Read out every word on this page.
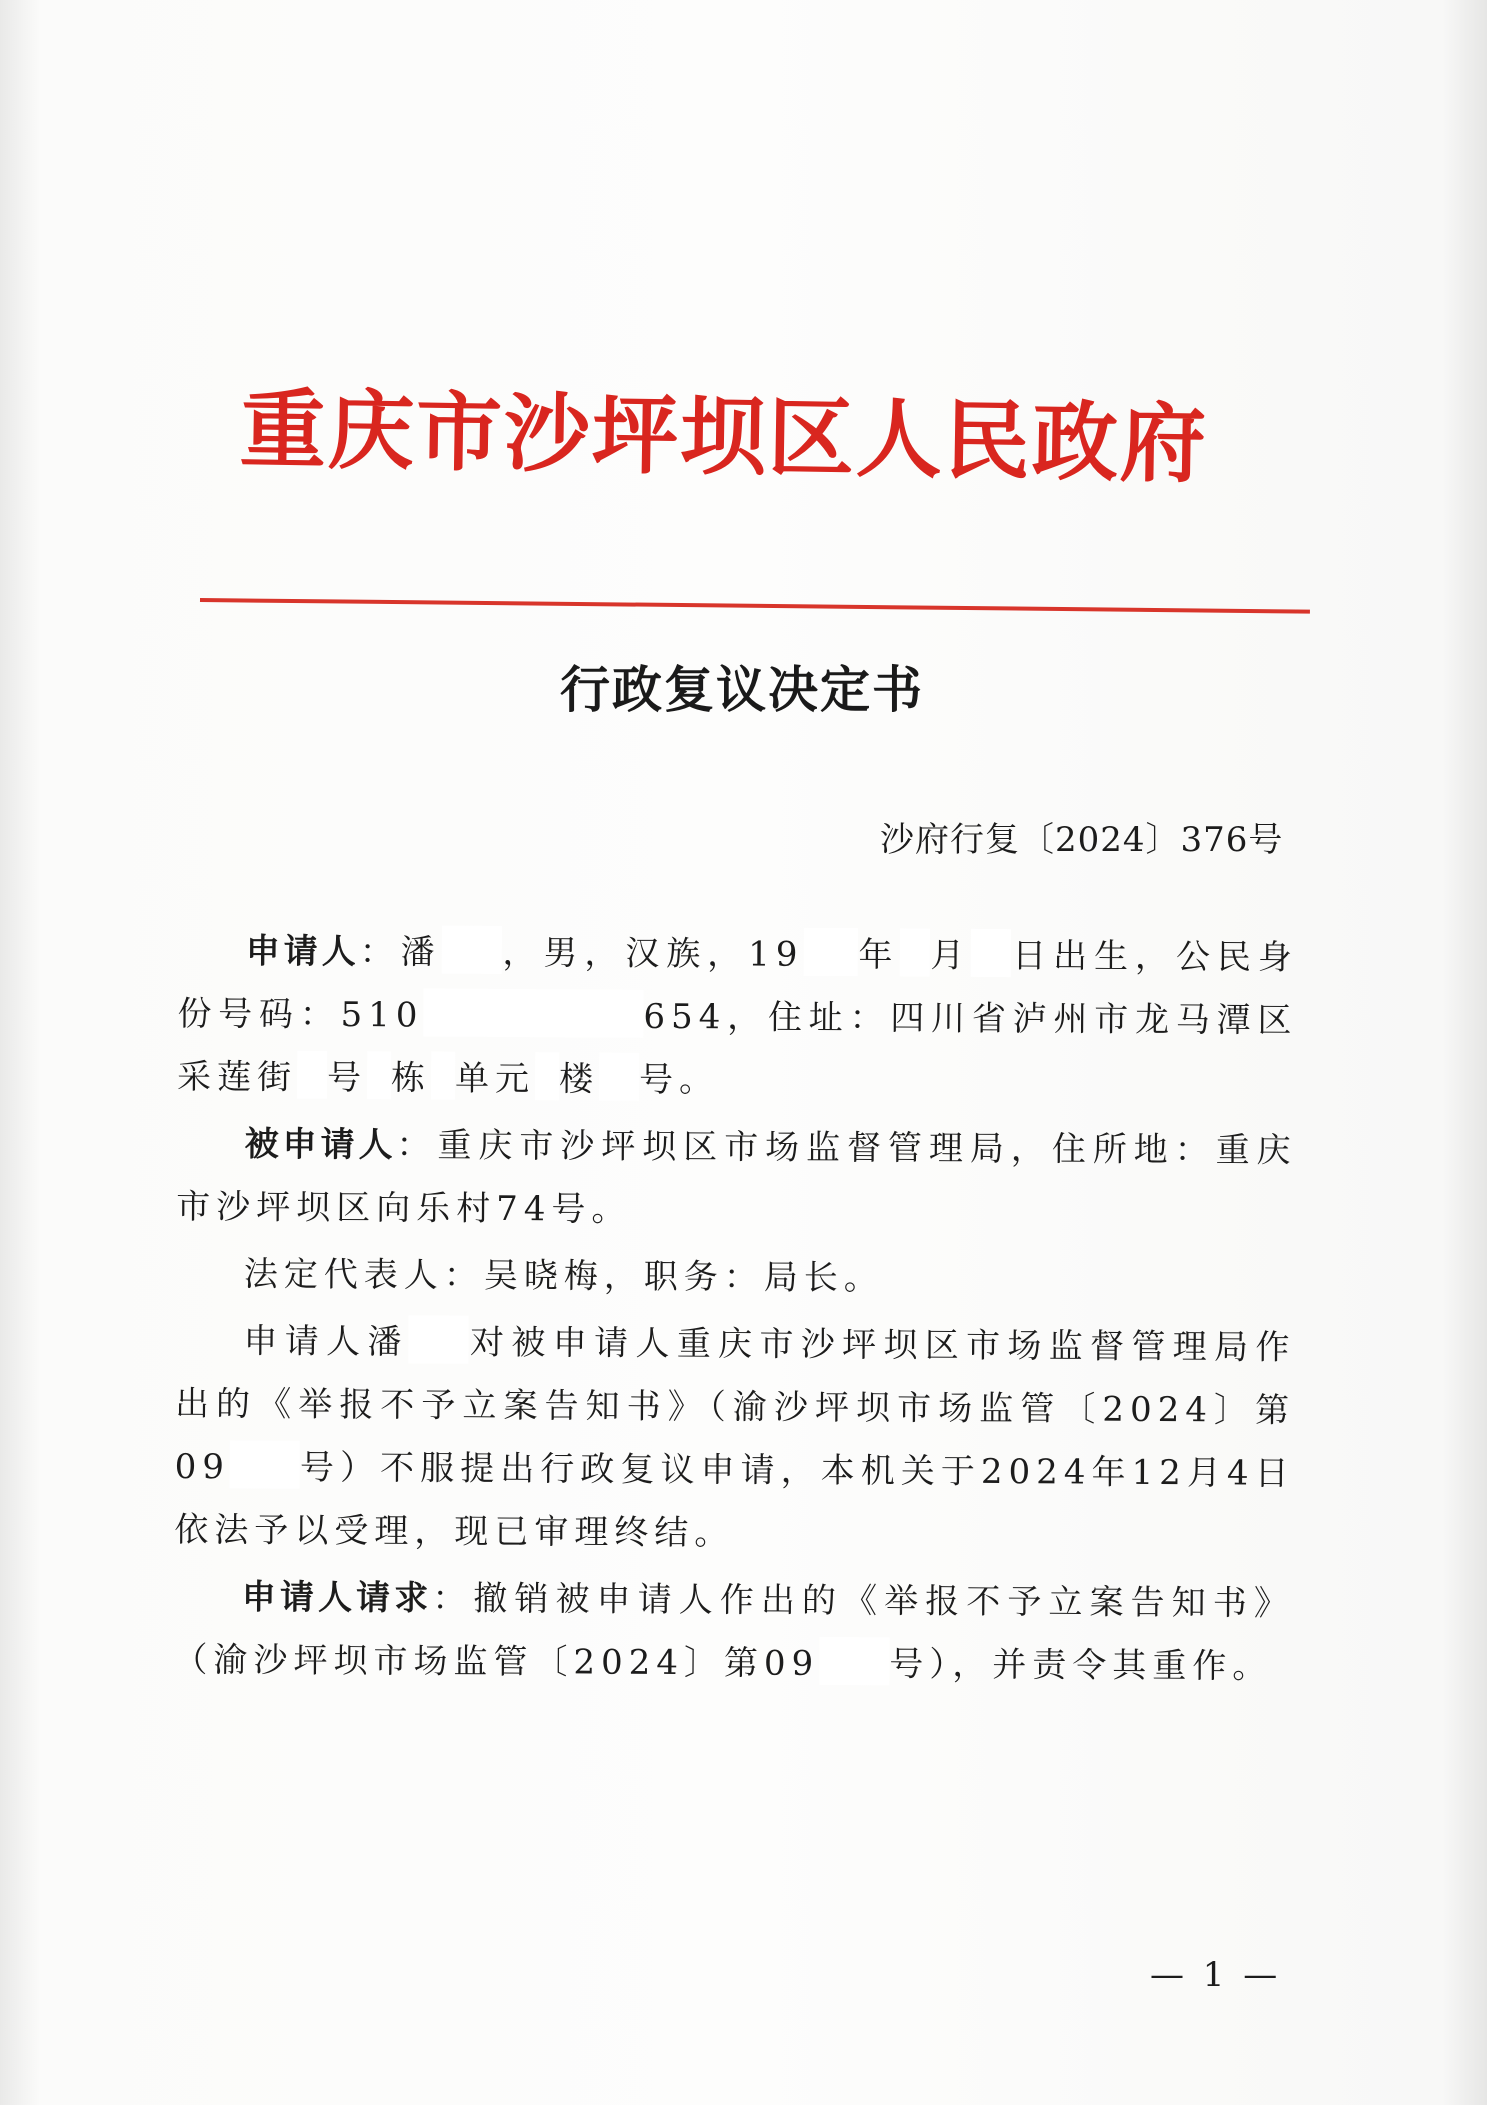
重庆市沙坪坝区人民政府
行政复议决定书
沙府行复〔2024〕376号

申请人：潘 ，男，汉族，19 年 月 日出生，公民身份号码：510	654，住址：四川省泸州市龙马潭区采莲街 号 栋 单元 楼 号。

被申请人：重庆市沙坪坝区市场监督管理局，住所地：重庆市沙坪坝区向乐村74号。

法定代表人：吴晓梅，职务：局长。

申请人潘 对被申请人重庆市沙坪坝区市场监督管理局作出的《举报不予立案告知书》（渝沙坪坝市场监管〔2024〕第09 号）不服提出行政复议申请，本机关于2024年12月4日依法予以受理，现已审理终结。

申请人请求：撤销被申请人作出的《举报不予立案告知书》（渝沙坪坝市场监管〔2024〕第09 号），并责令其重作。

— 1 —
